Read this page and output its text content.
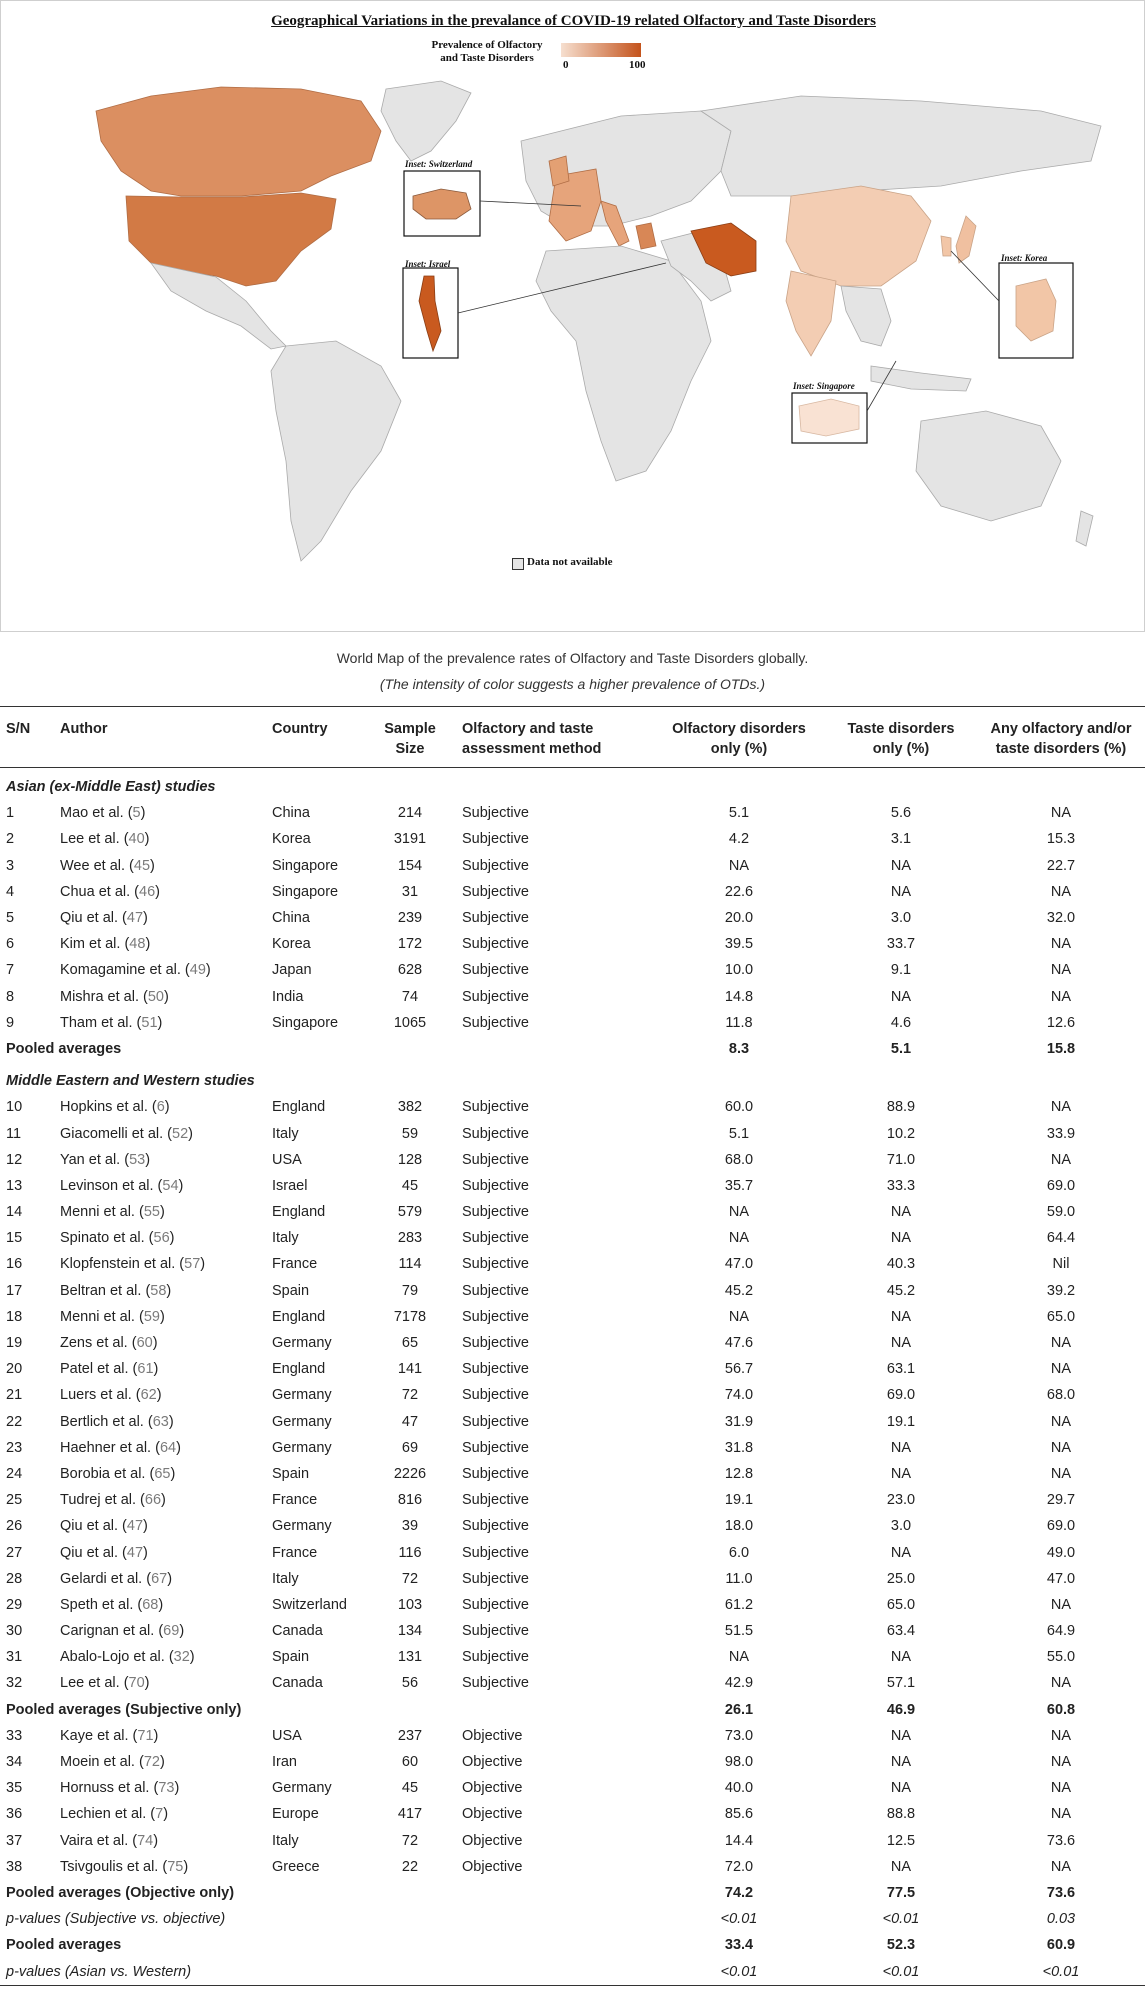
Geographical Variations in the prevalance of COVID-19 related Olfactory and Taste Disorders
Prevalence of Olfactory and Taste Disorders
0	100
Inset: Switzerland
Inset: Israel
Inset: Korea
Inset: Singapore
Data not available
World Map of the prevalence rates of Olfactory and Taste Disorders globally.
(The intensity of color suggests a higher prevalence of OTDs.)
S/N	Author	Country	Sample Size	Olfactory and taste assessment method	Olfactory disorders only (%)	Taste disorders only (%)	Any olfactory and/or taste disorders (%)
Asian (ex-Middle East) studies							
1	Mao et al. (5)	China	214	Subjective	5.1	5.6	NA
2	Lee et al. (40)	Korea	3191	Subjective	4.2	3.1	15.3
3	Wee et al. (45)	Singapore	154	Subjective	NA	NA	22.7
4	Chua et al. (46)	Singapore	31	Subjective	22.6	NA	NA
5	Qiu et al. (47)	China	239	Subjective	20.0	3.0	32.0
6	Kim et al. (48)	Korea	172	Subjective	39.5	33.7	NA
7	Komagamine et al. (49)	Japan	628	Subjective	10.0	9.1	NA
8	Mishra et al. (50)	India	74	Subjective	14.8	NA	NA
9	Tham et al. (51)	Singapore	1065	Subjective	11.8	4.6	12.6
Pooled averages					8.3	5.1	15.8
Middle Eastern and Western studies							
10	Hopkins et al. (6)	England	382	Subjective	60.0	88.9	NA
11	Giacomelli et al. (52)	Italy	59	Subjective	5.1	10.2	33.9
12	Yan et al. (53)	USA	128	Subjective	68.0	71.0	NA
13	Levinson et al. (54)	Israel	45	Subjective	35.7	33.3	69.0
14	Menni et al. (55)	England	579	Subjective	NA	NA	59.0
15	Spinato et al. (56)	Italy	283	Subjective	NA	NA	64.4
16	Klopfenstein et al. (57)	France	114	Subjective	47.0	40.3	Nil
17	Beltran et al. (58)	Spain	79	Subjective	45.2	45.2	39.2
18	Menni et al. (59)	England	7178	Subjective	NA	NA	65.0
19	Zens et al. (60)	Germany	65	Subjective	47.6	NA	NA
20	Patel et al. (61)	England	141	Subjective	56.7	63.1	NA
21	Luers et al. (62)	Germany	72	Subjective	74.0	69.0	68.0
22	Bertlich et al. (63)	Germany	47	Subjective	31.9	19.1	NA
23	Haehner et al. (64)	Germany	69	Subjective	31.8	NA	NA
24	Borobia et al. (65)	Spain	2226	Subjective	12.8	NA	NA
25	Tudrej et al. (66)	France	816	Subjective	19.1	23.0	29.7
26	Qiu et al. (47)	Germany	39	Subjective	18.0	3.0	69.0
27	Qiu et al. (47)	France	116	Subjective	6.0	NA	49.0
28	Gelardi et al. (67)	Italy	72	Subjective	11.0	25.0	47.0
29	Speth et al. (68)	Switzerland	103	Subjective	61.2	65.0	NA
30	Carignan et al. (69)	Canada	134	Subjective	51.5	63.4	64.9
31	Abalo-Lojo et al. (32)	Spain	131	Subjective	NA	NA	55.0
32	Lee et al. (70)	Canada	56	Subjective	42.9	57.1	NA
Pooled averages (Subjective only)					26.1	46.9	60.8
33	Kaye et al. (71)	USA	237	Objective	73.0	NA	NA
34	Moein et al. (72)	Iran	60	Objective	98.0	NA	NA
35	Hornuss et al. (73)	Germany	45	Objective	40.0	NA	NA
36	Lechien et al. (7)	Europe	417	Objective	85.6	88.8	NA
37	Vaira et al. (74)	Italy	72	Objective	14.4	12.5	73.6
38	Tsivgoulis et al. (75)	Greece	22	Objective	72.0	NA	NA
Pooled averages (Objective only)					74.2	77.5	73.6
p-values (Subjective vs. objective)					<0.01	<0.01	0.03
Pooled averages					33.4	52.3	60.9
p-values (Asian vs. Western)					<0.01	<0.01	<0.01
